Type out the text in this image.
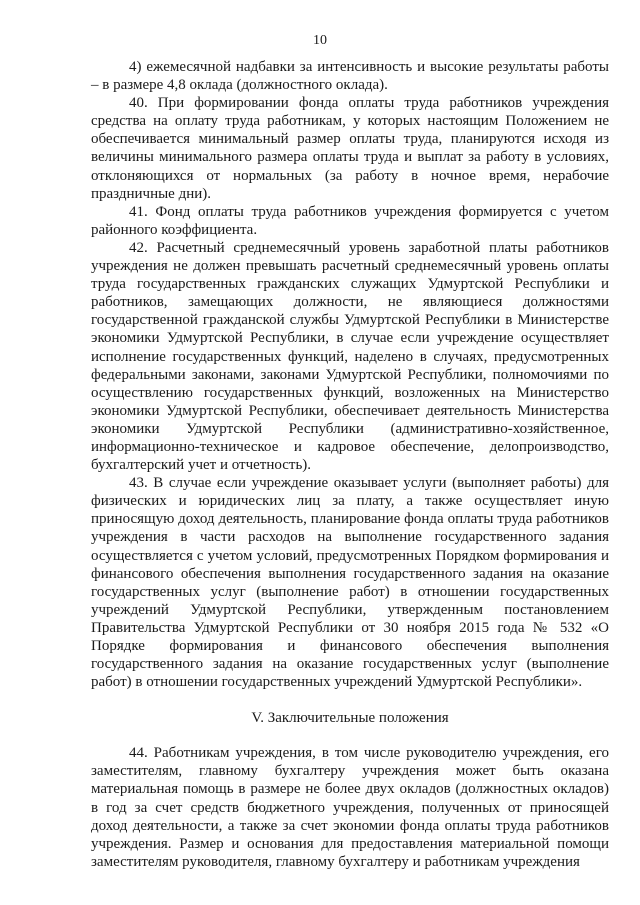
10

4) ежемесячной надбавки за интенсивность и высокие результаты работы – в размере 4,8 оклада (должностного оклада).

40. При формировании фонда оплаты труда работников учреждения средства на оплату труда работникам, у которых настоящим Положением не обеспечивается минимальный размер оплаты труда, планируются исходя из величины минимального размера оплаты труда и выплат за работу в условиях, отклоняющихся от нормальных (за работу в ночное время, нерабочие праздничные дни).

41. Фонд оплаты труда работников учреждения формируется с учетом районного коэффициента.

42. Расчетный среднемесячный уровень заработной платы работников учреждения не должен превышать расчетный среднемесячный уровень оплаты труда государственных гражданских служащих Удмуртской Республики и работников, замещающих должности, не являющиеся должностями государственной гражданской службы Удмуртской Республики в Министерстве экономики Удмуртской Республики, в случае если учреждение осуществляет исполнение государственных функций, наделено в случаях, предусмотренных федеральными законами, законами Удмуртской Республики, полномочиями по осуществлению государственных функций, возложенных на Министерство экономики Удмуртской Республики, обеспечивает деятельность Министерства экономики Удмуртской Республики (административно-хозяйственное, информационно-техническое и кадровое обеспечение, делопроизводство, бухгалтерский учет и отчетность).

43. В случае если учреждение оказывает услуги (выполняет работы) для физических и юридических лиц за плату, а также осуществляет иную приносящую доход деятельность, планирование фонда оплаты труда работников учреждения в части расходов на выполнение государственного задания осуществляется с учетом условий, предусмотренных Порядком формирования и финансового обеспечения выполнения государственного задания на оказание государственных услуг (выполнение работ) в отношении государственных учреждений Удмуртской Республики, утвержденным постановлением Правительства Удмуртской Республики от 30 ноября 2015 года № 532 «О Порядке формирования и финансового обеспечения выполнения государственного задания на оказание государственных услуг (выполнение работ) в отношении государственных учреждений Удмуртской Республики».

V. Заключительные положения

44. Работникам учреждения, в том числе руководителю учреждения, его заместителям, главному бухгалтеру учреждения может быть оказана материальная помощь в размере не более двух окладов (должностных окладов) в год за счет средств бюджетного учреждения, полученных от приносящей доход деятельности, а также за счет экономии фонда оплаты труда работников учреждения. Размер и основания для предоставления материальной помощи заместителям руководителя, главному бухгалтеру и работникам учреждения
